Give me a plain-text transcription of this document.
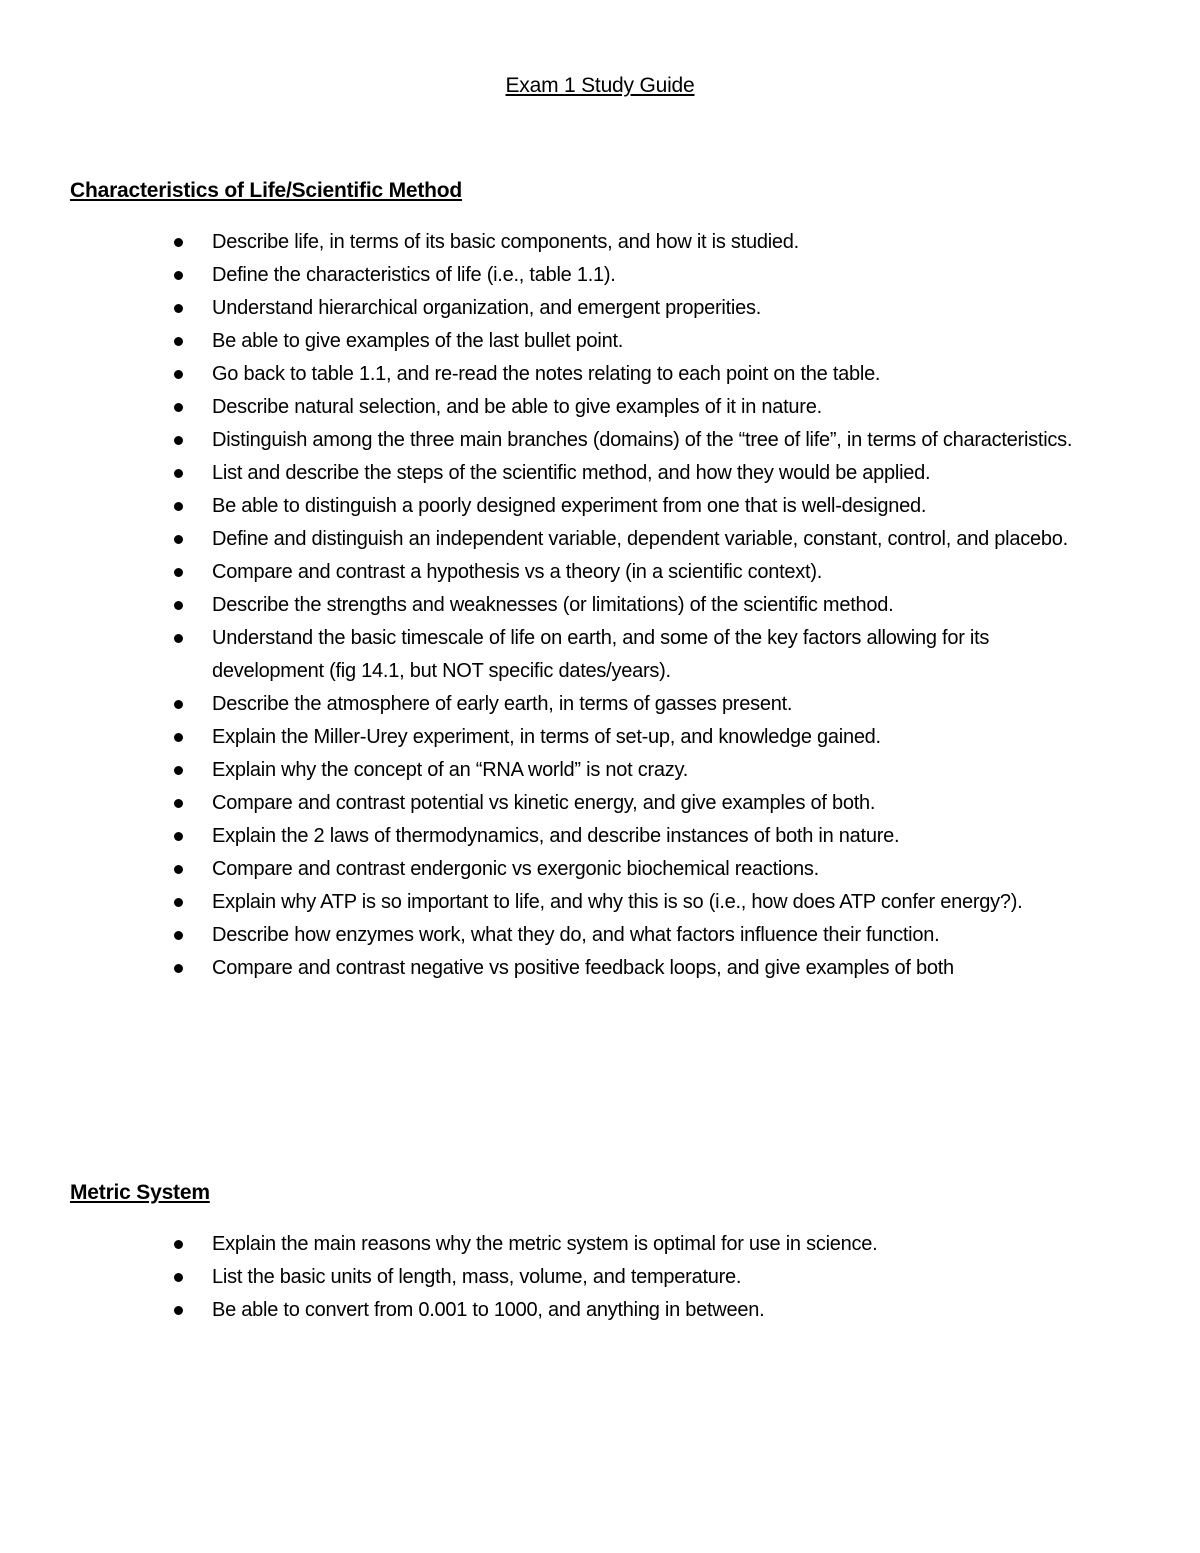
Exam 1 Study Guide
Characteristics of Life/Scientific Method
Describe life, in terms of its basic components, and how it is studied.
Define the characteristics of life (i.e., table 1.1).
Understand hierarchical organization, and emergent properities.
Be able to give examples of the last bullet point.
Go back to table 1.1, and re-read the notes relating to each point on the table.
Describe natural selection, and be able to give examples of it in nature.
Distinguish among the three main branches (domains) of the “tree of life”, in terms of characteristics.
List and describe the steps of the scientific method, and how they would be applied.
Be able to distinguish a poorly designed experiment from one that is well-designed.
Define and distinguish an independent variable, dependent variable, constant, control, and placebo.
Compare and contrast a hypothesis vs a theory (in a scientific context).
Describe the strengths and weaknesses (or limitations) of the scientific method.
Understand the basic timescale of life on earth, and some of the key factors allowing for its development (fig 14.1, but NOT specific dates/years).
Describe the atmosphere of early earth, in terms of gasses present.
Explain the Miller-Urey experiment, in terms of set-up, and knowledge gained.
Explain why the concept of an “RNA world” is not crazy.
Compare and contrast potential vs kinetic energy, and give examples of both.
Explain the 2 laws of thermodynamics, and describe instances of both in nature.
Compare and contrast endergonic vs exergonic biochemical reactions.
Explain why ATP is so important to life, and why this is so (i.e., how does ATP confer energy?).
Describe how enzymes work, what they do, and what factors influence their function.
Compare and contrast negative vs positive feedback loops, and give examples of both
Metric System
Explain the main reasons why the metric system is optimal for use in science.
List the basic units of length, mass, volume, and temperature.
Be able to convert from 0.001 to 1000, and anything in between.
